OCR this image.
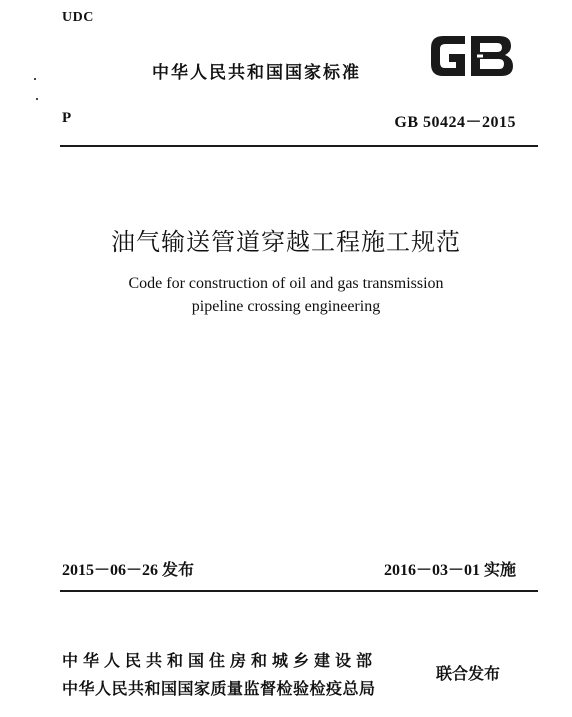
UDC
中华人民共和国国家标准
P	GB 50424－2015
油气输送管道穿越工程施工规范
Code for construction of oil and gas transmission
pipeline crossing engineering
2015－06－26 发布	2016－03－01 实施
中华人民共和国住房和城乡建设部
中华人民共和国国家质量监督检验检疫总局
联合发布
